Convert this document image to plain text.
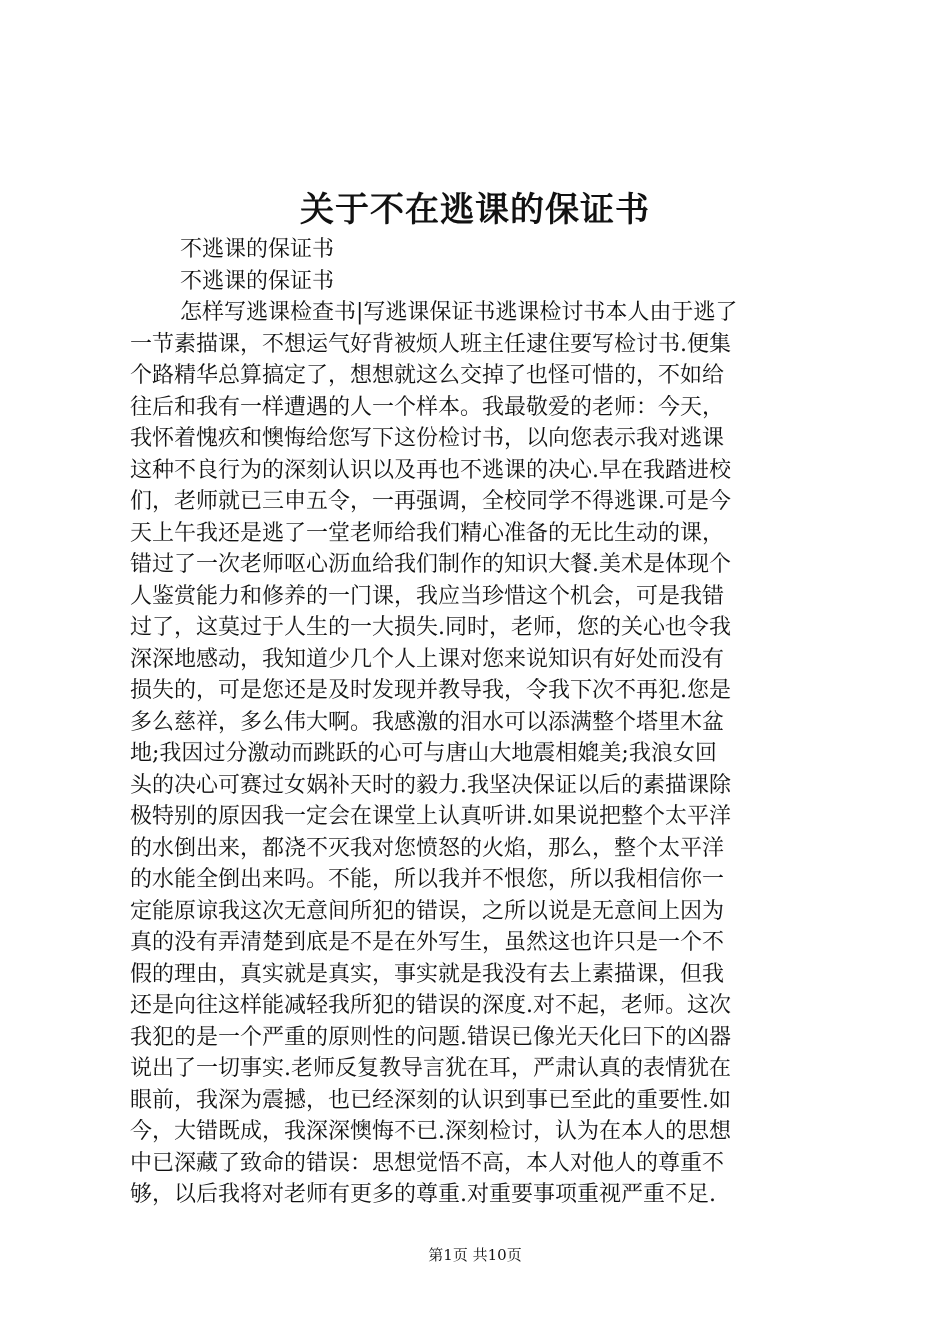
关于不在逃课的保证书
不逃课的保证书
不逃课的保证书
怎样写逃课检查书|写逃课保证书逃课检讨书本人由于逃了
一节素描课，不想运气好背被烦人班主任逮住要写检讨书.便集
个路精华总算搞定了，想想就这么交掉了也怪可惜的，不如给
往后和我有一样遭遇的人一个样本。我最敬爱的老师：今天，
我怀着愧疚和懊悔给您写下这份检讨书，以向您表示我对逃课
这种不良行为的深刻认识以及再也不逃课的决心.早在我踏进校
们，老师就已三申五令，一再强调，全校同学不得逃课.可是今
天上午我还是逃了一堂老师给我们精心准备的无比生动的课，
错过了一次老师呕心沥血给我们制作的知识大餐.美术是体现个
人鉴赏能力和修养的一门课，我应当珍惜这个机会，可是我错
过了，这莫过于人生的一大损失.同时，老师，您的关心也令我
深深地感动，我知道少几个人上课对您来说知识有好处而没有
损失的，可是您还是及时发现并教导我，令我下次不再犯.您是
多么慈祥，多么伟大啊。我感激的泪水可以添满整个塔里木盆
地;我因过分激动而跳跃的心可与唐山大地震相媲美;我浪女回
头的决心可赛过女娲补天时的毅力.我坚决保证以后的素描课除
极特别的原因我一定会在课堂上认真听讲.如果说把整个太平洋
的水倒出来，都浇不灭我对您愤怒的火焰，那么，整个太平洋
的水能全倒出来吗。不能，所以我并不恨您，所以我相信你一
定能原谅我这次无意间所犯的错误，之所以说是无意间上因为
真的没有弄清楚到底是不是在外写生，虽然这也许只是一个不
假的理由，真实就是真实，事实就是我没有去上素描课，但我
还是向往这样能减轻我所犯的错误的深度.对不起，老师。这次
我犯的是一个严重的原则性的问题.错误已像光天化曰下的凶器
说出了一切事实.老师反复教导言犹在耳，严肃认真的表情犹在
眼前，我深为震撼，也已经深刻的认识到事已至此的重要性.如
今，大错既成，我深深懊悔不已.深刻检讨，认为在本人的思想
中已深藏了致命的错误：思想觉悟不高，本人对他人的尊重不
够，以后我将对老师有更多的尊重.对重要事项重视严重不足.
第1页 共10页
